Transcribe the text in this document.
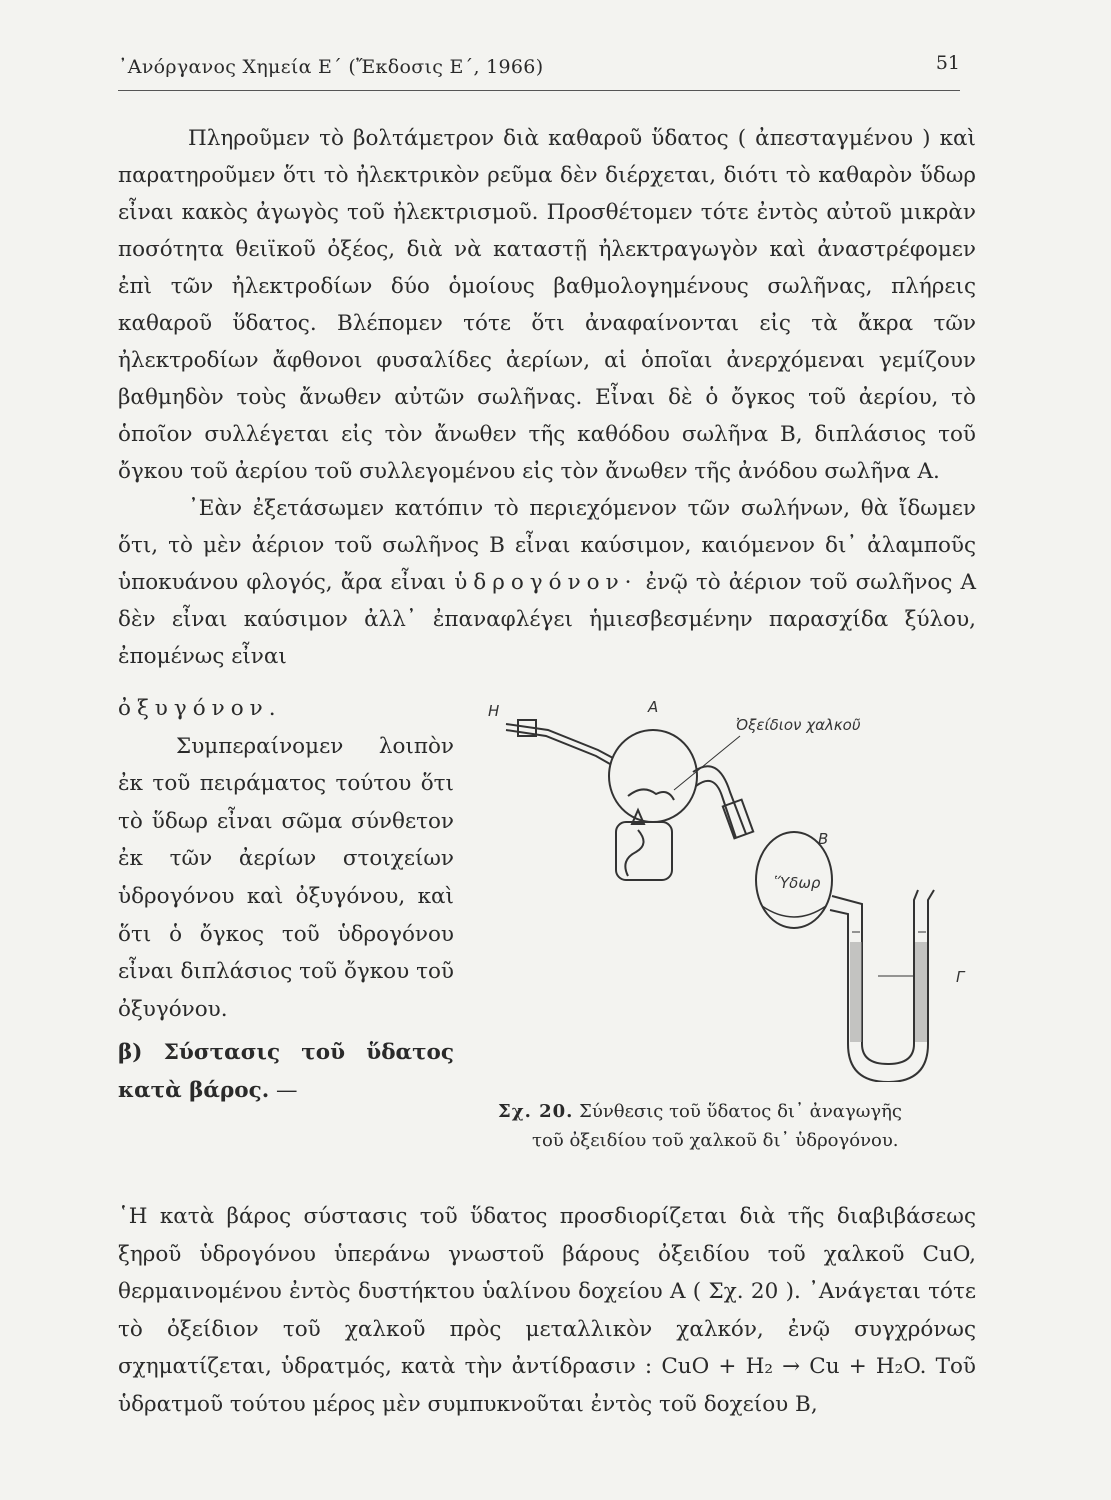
᾿Ανόργανος Χημεία Ε΄ (Ἔκδοσις Ε΄, 1966)	51

Πληροῦμεν τὸ βολτάμετρον διὰ καθαροῦ ὕδατος ( ἀπεσταγμένου ) καὶ παρατηροῦμεν ὅτι τὸ ἠλεκτρικὸν ρεῦμα δὲν διέρχεται, διότι τὸ καθαρὸν ὕδωρ εἶναι κακὸς ἀγωγὸς τοῦ ἠλεκτρισμοῦ. Προσθέτομεν τότε ἐντὸς αὐτοῦ μικρὰν ποσότητα θειϊκοῦ ὀξέος, διὰ νὰ καταστῇ ἠλεκτραγωγὸν καὶ ἀναστρέφομεν ἐπὶ τῶν ἠλεκτροδίων δύο ὁμοίους βαθμολογημένους σωλῆνας, πλήρεις καθαροῦ ὕδατος. Βλέπομεν τότε ὅτι ἀναφαίνονται εἰς τὰ ἄκρα τῶν ἠλεκτροδίων ἄφθονοι φυσαλίδες ἀερίων, αἱ ὁποῖαι ἀνερχόμεναι γεμίζουν βαθμηδὸν τοὺς ἄνωθεν αὐτῶν σωλῆνας. Εἶναι δὲ ὁ ὄγκος τοῦ ἀερίου, τὸ ὁποῖον συλλέγεται εἰς τὸν ἄνωθεν τῆς καθόδου σωλῆνα Β, διπλάσιος τοῦ ὄγκου τοῦ ἀερίου τοῦ συλλεγομένου εἰς τὸν ἄνωθεν τῆς ἀνόδου σωλῆνα Α.

᾿Εὰν ἐξετάσωμεν κατόπιν τὸ περιεχόμενον τῶν σωλήνων, θὰ ἴδωμεν ὅτι, τὸ μὲν ἀέριον τοῦ σωλῆνος Β εἶναι καύσιμον, καιόμενον δι᾿ ἀλαμποῦς ὑποκυάνου φλογός, ἄρα εἶναι ὑδρογόνον· ἐνῷ τὸ ἀέριον τοῦ σωλῆνος Α δὲν εἶναι καύσιμον ἀλλ᾿ ἐπαναφλέγει ἡμιεσβεσμένην παρασχίδα ξύλου, ἐπομένως εἶναι

ὀξυγόνον.

Συμπεραίνομεν λοιπὸν ἐκ τοῦ πειράματος τούτου ὅτι τὸ ὕδωρ εἶναι σῶμα σύνθετον ἐκ τῶν ἀερίων στοιχείων ὑδρογόνου καὶ ὀξυγόνου, καὶ ὅτι ὁ ὄγκος τοῦ ὑδρογόνου εἶναι διπλάσιος τοῦ ὄγκου τοῦ ὀξυγόνου.

β) Σύστασις τοῦ ὕδατος κατὰ βάρος. —

Η	Α
Ὀξείδιον χαλκοῦ
Β
Ὕδωρ
Γ
Σχ. 20. Σύνθεσις τοῦ ὕδατος δι᾿ ἀναγωγῆς
τοῦ ὀξειδίου τοῦ χαλκοῦ δι᾿ ὑδρογόνου.

῾Η κατὰ βάρος σύστασις τοῦ ὕδατος προσδιορίζεται διὰ τῆς διαβιβάσεως ξηροῦ ὑδρογόνου ὑπεράνω γνωστοῦ βάρους ὀξειδίου τοῦ χαλκοῦ CuO, θερμαινομένου ἐντὸς δυστήκτου ὑαλίνου δοχείου Α ( Σχ. 20 ). ᾿Ανάγεται τότε τὸ ὀξείδιον τοῦ χαλκοῦ πρὸς μεταλλικὸν χαλκόν, ἐνῷ συγχρόνως σχηματίζεται, ὑδρατμός, κατὰ τὴν ἀντίδρασιν : CuO + H₂ → Cu + H₂O. Τοῦ ὑδρατμοῦ τούτου μέρος μὲν συμπυκνοῦται ἐντὸς τοῦ δοχείου Β,
